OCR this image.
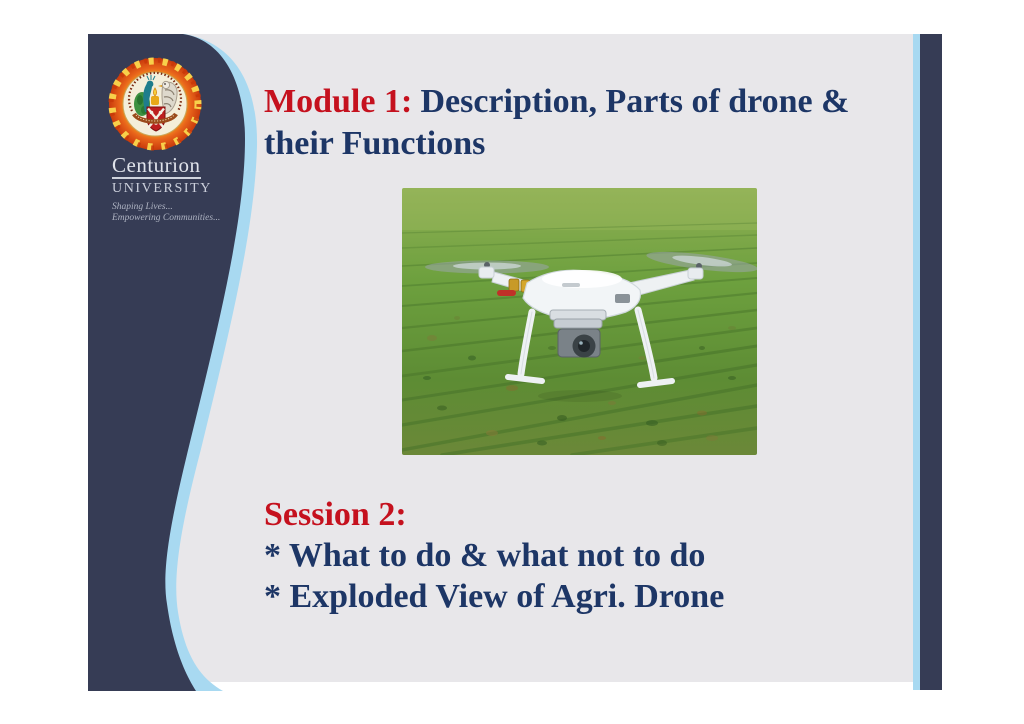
Centurion
UNIVERSITY
Shaping Lives...
Empowering Communities...
Module 1: Description, Parts of drone &
their Functions
Session 2:
* What to do & what not to do
* Exploded View of Agri. Drone
